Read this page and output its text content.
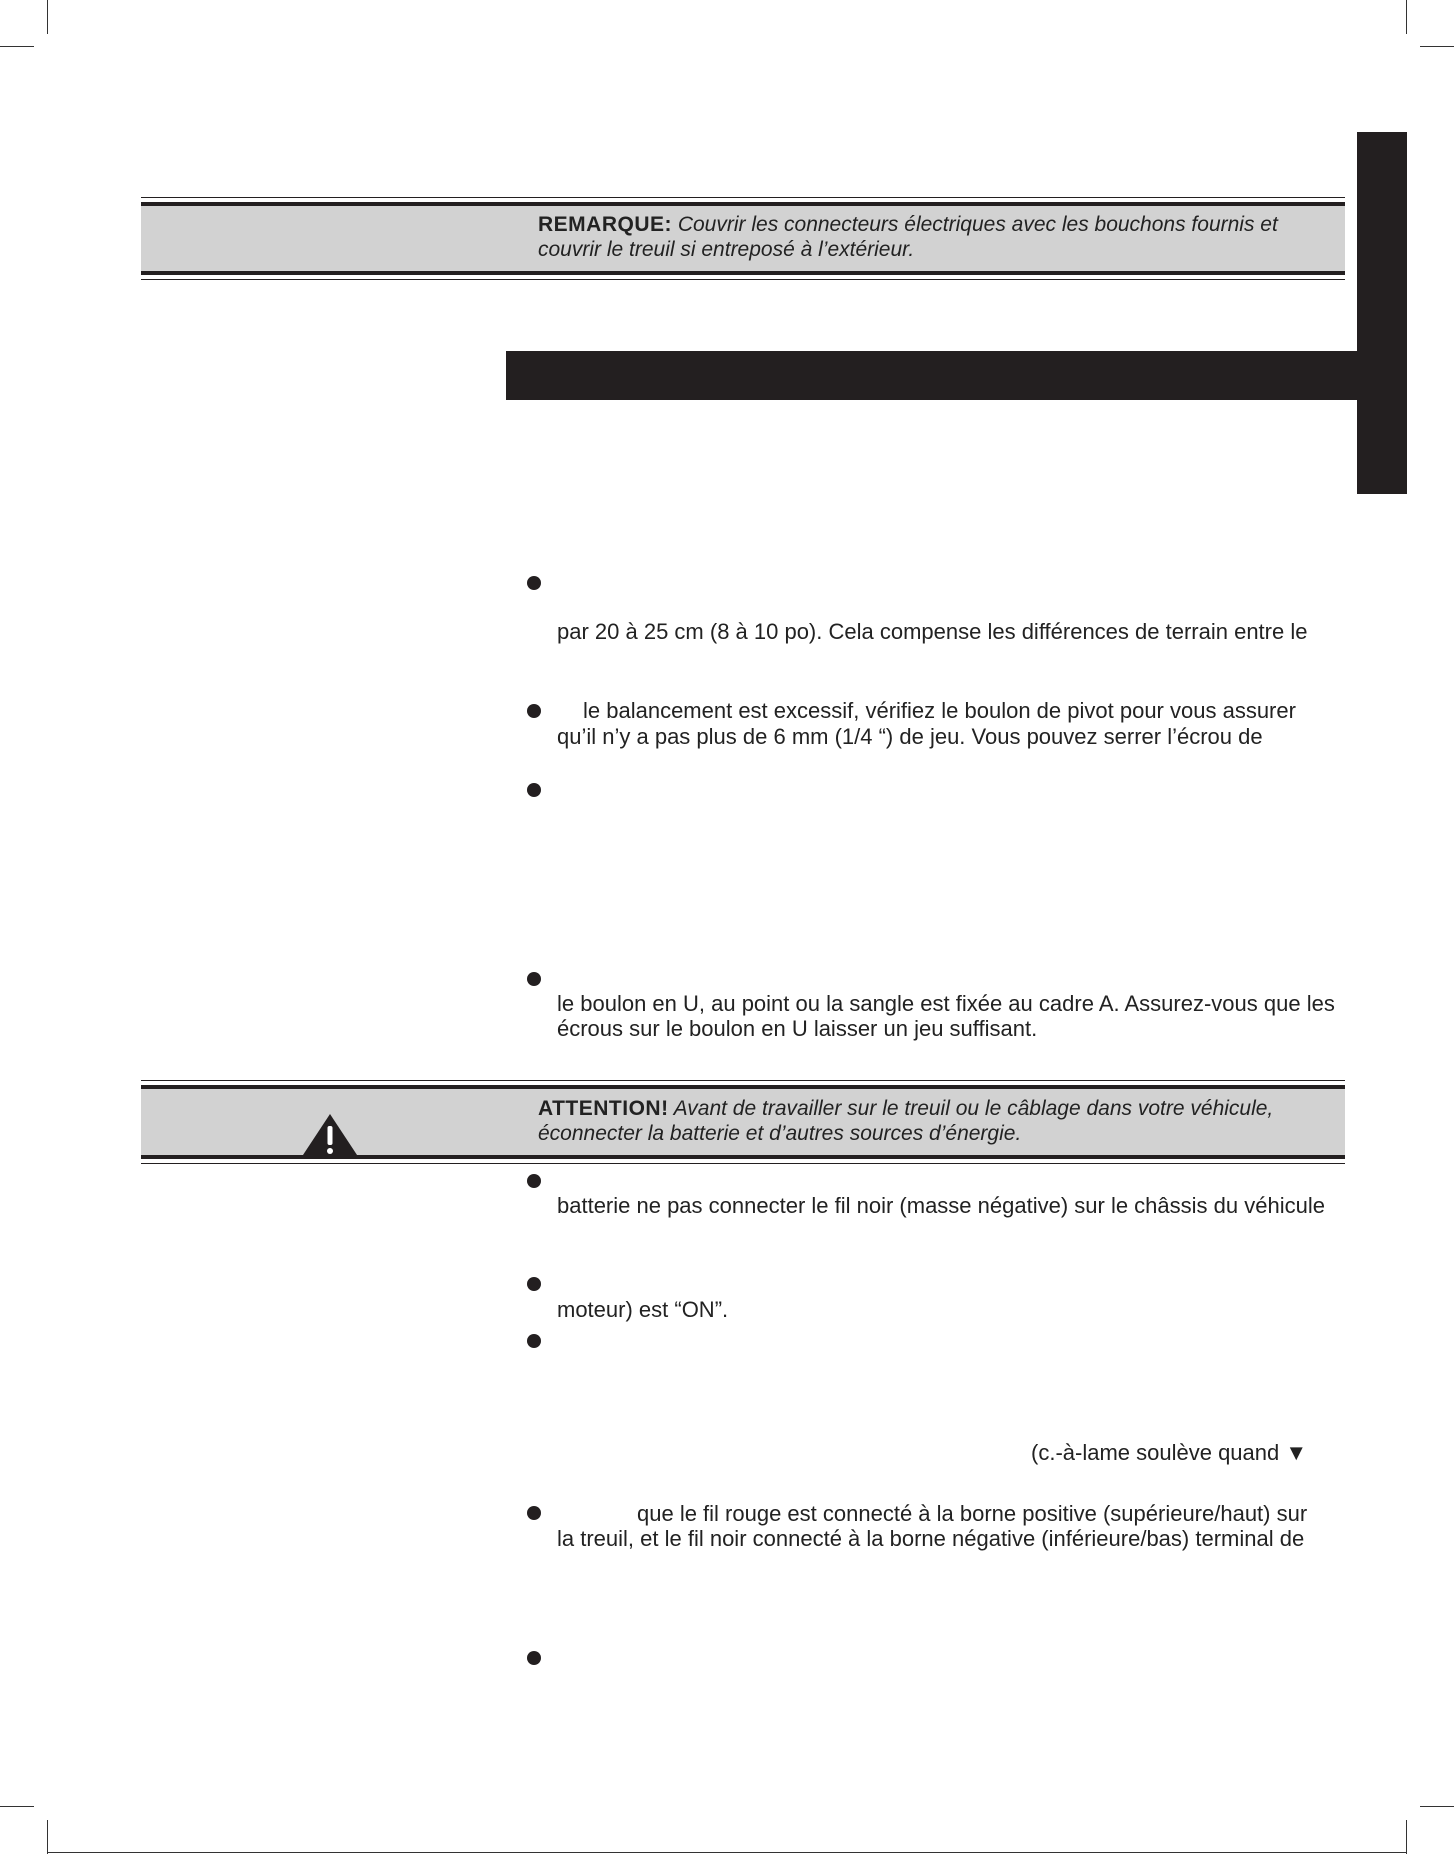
REMARQUE: Couvrir les connecteurs électriques avec les bouchons fournis et couvrir le treuil si entreposé à l’extérieur.
par 20 à 25 cm (8 à 10 po). Cela compense les différences de terrain entre le
le balancement est excessif, vérifiez le boulon de pivot pour vous assurer
qu’il n’y a pas plus de 6 mm (1/4 “) de jeu. Vous pouvez serrer l’écrou de
le boulon en U, au point ou la sangle est fixée au cadre A. Assurez-vous que les
écrous sur le boulon en U laisser un jeu suffisant.
ATTENTION! Avant de travailler sur le treuil ou le câblage dans votre véhicule, éconnecter la batterie et d’autres sources d’énergie.
batterie ne pas connecter le fil noir (masse négative) sur le châssis du véhicule
moteur) est “ON”.
(c.-à-lame soulève quand ▼
que le fil rouge est connecté à la borne positive (supérieure/haut) sur
la treuil, et le fil noir connecté à la borne négative (inférieure/bas) terminal de
